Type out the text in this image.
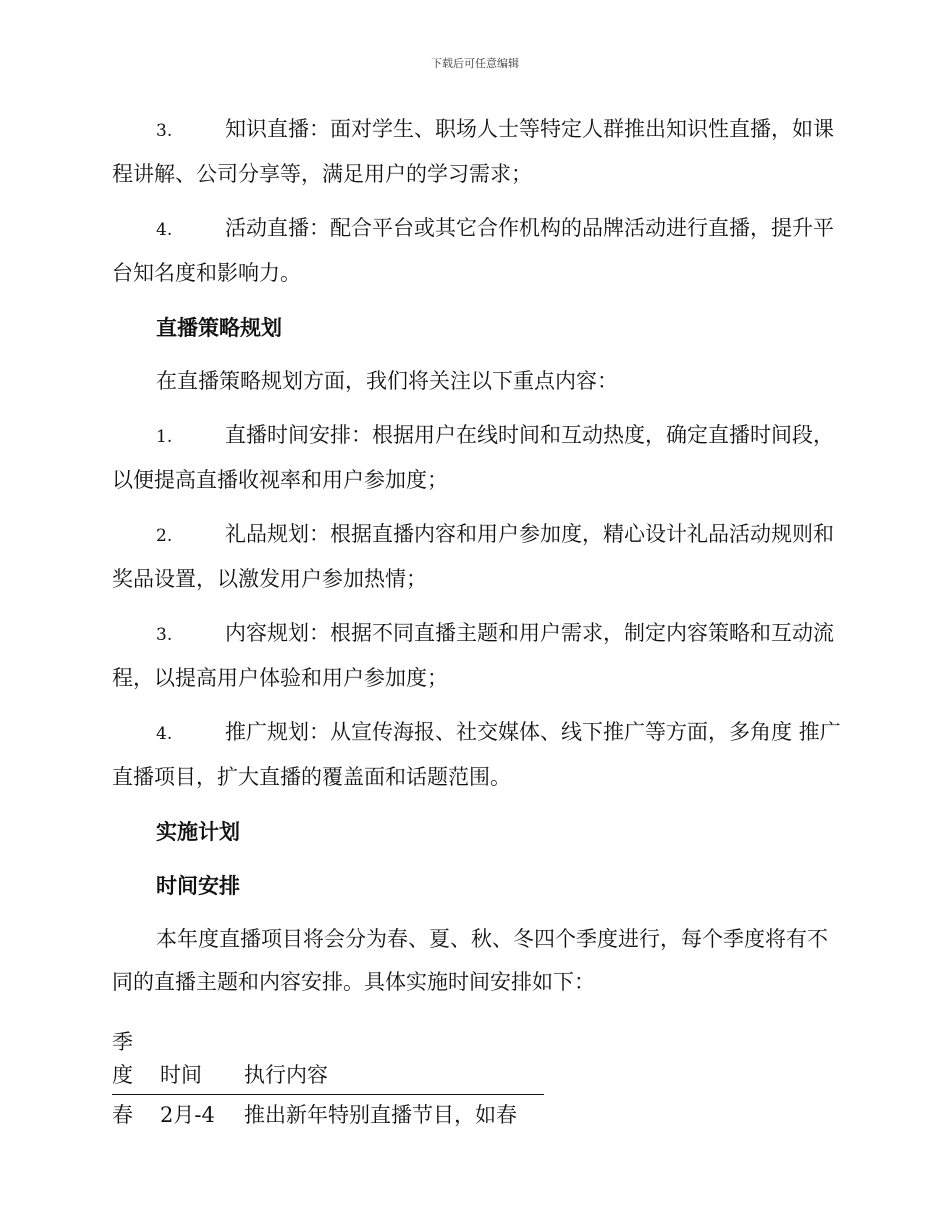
下载后可任意编辑

3.	知识直播：面对学生、职场人士等特定人群推出知识性直播，如课程讲解、公司分享等，满足用户的学习需求；

4.	活动直播：配合平台或其它合作机构的品牌活动进行直播，提升平台知名度和影响力。

直播策略规划

在直播策略规划方面，我们将关注以下重点内容：

1.	直播时间安排：根据用户在线时间和互动热度，确定直播时间段，以便提高直播收视率和用户参加度；

2.	礼品规划：根据直播内容和用户参加度，精心设计礼品活动规则和奖品设置，以激发用户参加热情；

3.	内容规划：根据不同直播主题和用户需求，制定内容策略和互动流程，以提高用户体验和用户参加度；

4.	推广规划：从宣传海报、社交媒体、线下推广等方面，多角度 推广直播项目，扩大直播的覆盖面和话题范围。

实施计划

时间安排

本年度直播项目将会分为春、夏、秋、冬四个季度进行，每个季度将有不同的直播主题和内容安排。具体实施时间安排如下：

季度	时间	执行内容
春	2月-4	推出新年特别直播节目，如春
